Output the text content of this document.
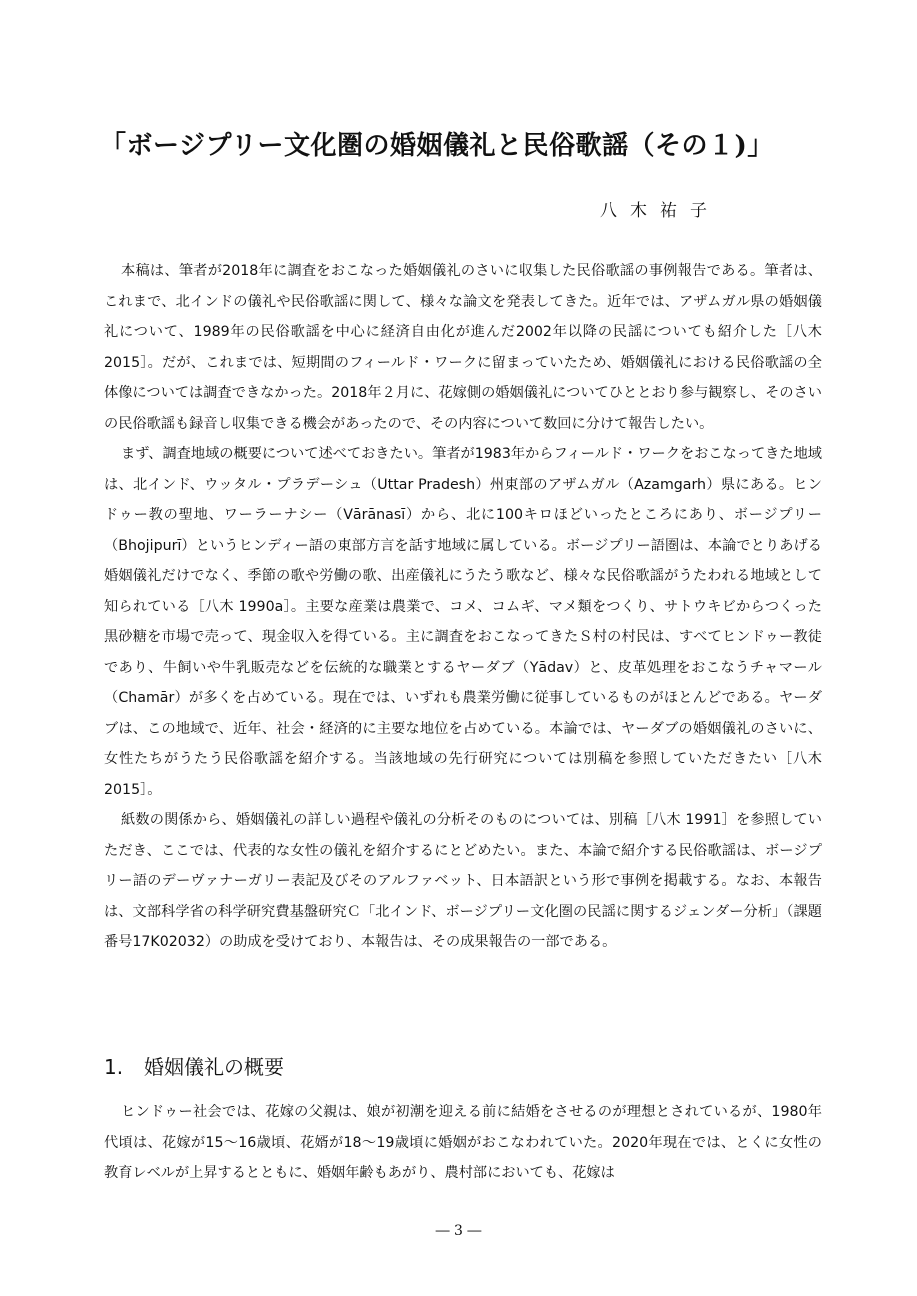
「ボージプリー文化圏の婚姻儀礼と民俗歌謡（その１)」
八木祐子

本稿は、筆者が2018年に調査をおこなった婚姻儀礼のさいに収集した民俗歌謡の事例報告である。筆者は、これまで、北インドの儀礼や民俗歌謡に関して、様々な論文を発表してきた。近年では、アザムガル県の婚姻儀礼について、1989年の民俗歌謡を中心に経済自由化が進んだ2002年以降の民謡についても紹介した［八木 2015］。だが、これまでは、短期間のフィールド・ワークに留まっていたため、婚姻儀礼における民俗歌謡の全体像については調査できなかった。2018年２月に、花嫁側の婚姻儀礼についてひととおり参与観察し、そのさいの民俗歌謡も録音し収集できる機会があったので、その内容について数回に分けて報告したい。

まず、調査地域の概要について述べておきたい。筆者が1983年からフィールド・ワークをおこなってきた地域は、北インド、ウッタル・プラデーシュ（Uttar Pradesh）州東部のアザムガル（Azamgarh）県にある。ヒンドゥー教の聖地、ワーラーナシー（Vārānasī）から、北に100キロほどいったところにあり、ボージプリー（Bhojipurī）というヒンディー語の東部方言を話す地域に属している。ボージプリー語圏は、本論でとりあげる婚姻儀礼だけでなく、季節の歌や労働の歌、出産儀礼にうたう歌など、様々な民俗歌謡がうたわれる地域として知られている［八木 1990a］。主要な産業は農業で、コメ、コムギ、マメ類をつくり、サトウキビからつくった黒砂糖を市場で売って、現金収入を得ている。主に調査をおこなってきたＳ村の村民は、すべてヒンドゥー教徒であり、牛飼いや牛乳販売などを伝統的な職業とするヤーダブ（Yādav）と、皮革処理をおこなうチャマール（Chamār）が多くを占めている。現在では、いずれも農業労働に従事しているものがほとんどである。ヤーダブは、この地域で、近年、社会・経済的に主要な地位を占めている。本論では、ヤーダブの婚姻儀礼のさいに、女性たちがうたう民俗歌謡を紹介する。当該地域の先行研究については別稿を参照していただきたい［八木 2015］。

紙数の関係から、婚姻儀礼の詳しい過程や儀礼の分析そのものについては、別稿［八木 1991］を参照していただき、ここでは、代表的な女性の儀礼を紹介するにとどめたい。また、本論で紹介する民俗歌謡は、ボージプリー語のデーヴァナーガリー表記及びそのアルファベット、日本語訳という形で事例を掲載する。なお、本報告は、文部科学省の科学研究費基盤研究Ｃ「北インド、ボージプリー文化圏の民謡に関するジェンダー分析」（課題番号17K02032）の助成を受けており、本報告は、その成果報告の一部である。

1. 婚姻儀礼の概要

ヒンドゥー社会では、花嫁の父親は、娘が初潮を迎える前に結婚をさせるのが理想とされているが、1980年代頃は、花嫁が15～16歳頃、花婿が18～19歳頃に婚姻がおこなわれていた。2020年現在では、とくに女性の教育レベルが上昇するとともに、婚姻年齢もあがり、農村部においても、花嫁は

― 3 ―
